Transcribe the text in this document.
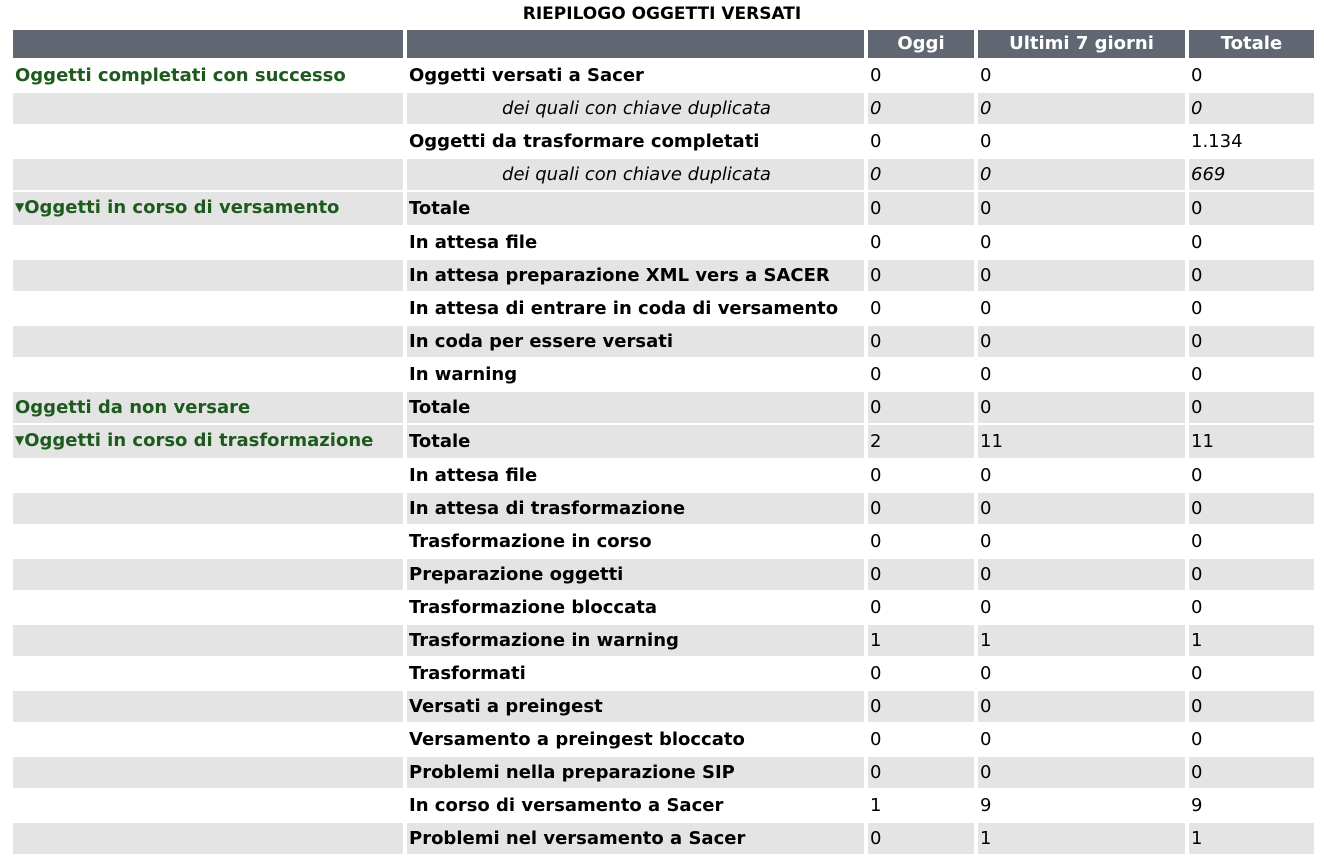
RIEPILOGO OGGETTI VERSATI
		Oggi	Ultimi 7 giorni	Totale
Oggetti completati con successo	Oggetti versati a Sacer	0	0	0
	dei quali con chiave duplicata	0	0	0
	Oggetti da trasformare completati	0	0	1.134
	dei quali con chiave duplicata	0	0	669
▼Oggetti in corso di versamento	Totale	0	0	0
	In attesa file	0	0	0
	In attesa preparazione XML vers a SACER	0	0	0
	In attesa di entrare in coda di versamento	0	0	0
	In coda per essere versati	0	0	0
	In warning	0	0	0
Oggetti da non versare	Totale	0	0	0
▼Oggetti in corso di trasformazione	Totale	2	11	11
	In attesa file	0	0	0
	In attesa di trasformazione	0	0	0
	Trasformazione in corso	0	0	0
	Preparazione oggetti	0	0	0
	Trasformazione bloccata	0	0	0
	Trasformazione in warning	1	1	1
	Trasformati	0	0	0
	Versati a preingest	0	0	0
	Versamento a preingest bloccato	0	0	0
	Problemi nella preparazione SIP	0	0	0
	In corso di versamento a Sacer	1	9	9
	Problemi nel versamento a Sacer	0	1	1
